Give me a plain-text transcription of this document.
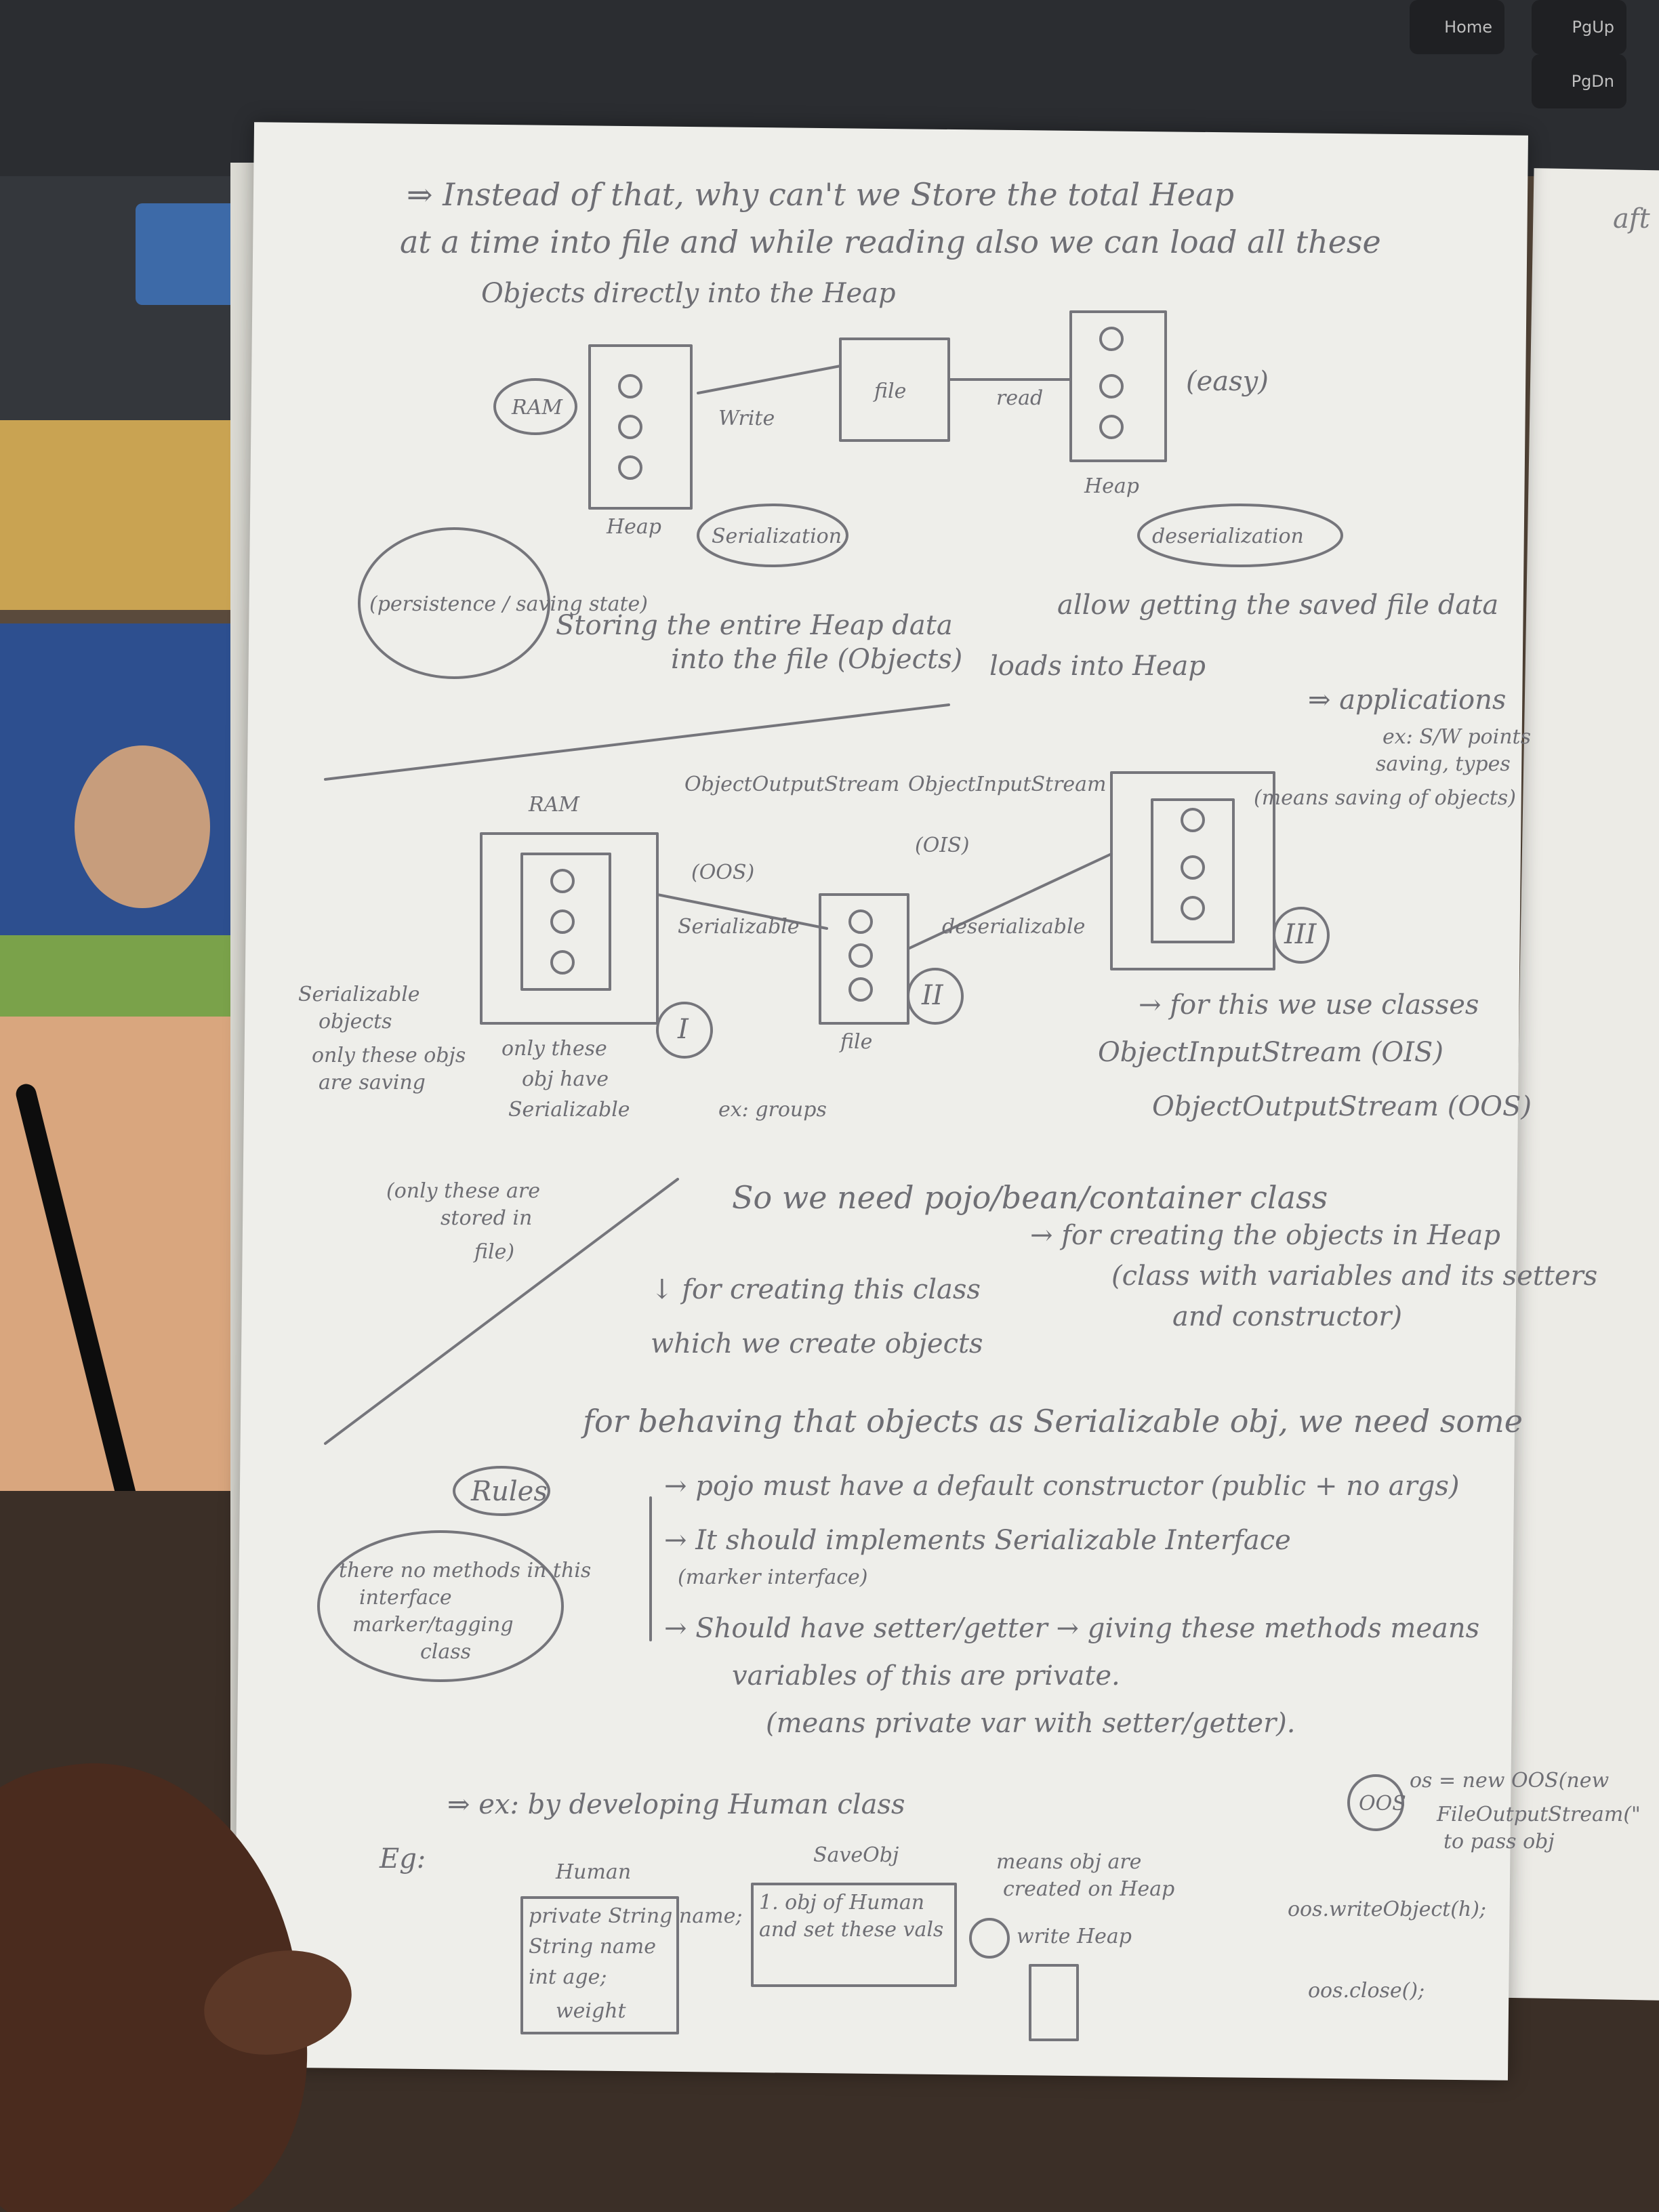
Home	PgUp
PgDn
aft
⇒ Instead of that, why can't we Store the total Heap
at a time into file and while reading also we can load all these
Objects directly into the Heap
RAM
Heap
Write
file	read
(easy)
Heap
Serialization	deserialization
(persistence / saving state)
Storing the entire Heap data
into the file (Objects)
allow getting the saved file data
loads into Heap
⇒ applications
ex: S/W points
saving, types
(means saving of objects)
RAM
ObjectOutputStream
(OOS)
ObjectInputStream
(OIS)
Serializable	deserializable
file
I
II
III
→ for this we use classes
ObjectInputStream (OIS)
ObjectOutputStream (OOS)
Serializable
objects
only these objs
are saving
only these
obj have
Serializable
(only these are
stored in
file)
ex: groups
So we need pojo/bean/container class
→ for creating the objects in Heap
(class with variables and its setters
and constructor)
↓ for creating this class
which we create objects
for behaving that objects as Serializable obj, we need some
Rules	→ pojo must have a default constructor (public + no args)
→ It should implements Serializable Interface
(marker interface)
→ Should have setter/getter → giving these methods means
variables of this are private.
(means private var with setter/getter).
there no methods in this
interface
marker/tagging
class
⇒ ex: by developing Human class
Eg:	Human
private String name;
String name
int age;
weight
SaveObj
1. obj of Human
and set these vals
means obj are
created on Heap
write Heap
OOS
os = new OOS(new
FileOutputStream("
to pass obj
oos.writeObject(h);
oos.close();
